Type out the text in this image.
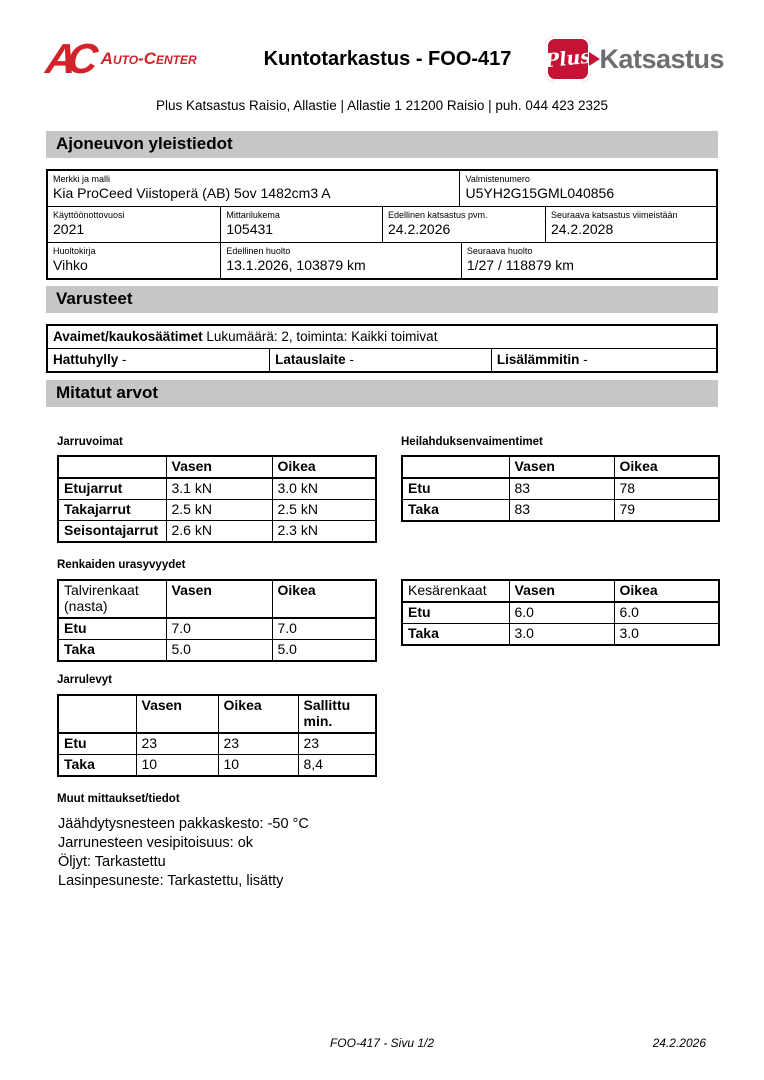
AC Auto-Center	Kuntotarkastus - FOO-417	Plus Katsastus
Plus Katsastus Raisio, Allastie | Allastie 1 21200 Raisio | puh. 044 423 2325
Ajoneuvon yleistiedot
Merkki ja malli
Kia ProCeed Viistoperä (AB) 5ov 1482cm3 A
Valmistenumero
U5YH2G15GML040856
Käyttöönottovuosi
2021
Mittarilukema
105431
Edellinen katsastus pvm.
24.2.2026
Seuraava katsastus viimeistään
24.2.2028
Huoltokirja
Vihko
Edellinen huolto
13.1.2026, 103879 km
Seuraava huolto
1/27 / 118879 km
Varusteet
Avaimet/kaukosäätimet Lukumäärä: 2, toiminta: Kaikki toimivat
Hattuhylly -	Latauslaite -	Lisälämmitin -
Mitatut arvot
Jarruvoimat
	Vasen	Oikea
Etujarrut	3.1 kN	3.0 kN
Takajarrut	2.5 kN	2.5 kN
Seisontajarrut	2.6 kN	2.3 kN
Heilahduksenvaimentimet
	Vasen	Oikea
Etu	83	78
Taka	83	79
Renkaiden urasyvyydet
Talvirenkaat (nasta)	Vasen	Oikea
Etu	7.0	7.0
Taka	5.0	5.0
Kesärenkaat	Vasen	Oikea
Etu	6.0	6.0
Taka	3.0	3.0
Jarrulevyt
	Vasen	Oikea	Sallittu min.
Etu	23	23	23
Taka	10	10	8,4
Muut mittaukset/tiedot
Jäähdytysnesteen pakkaskesto: -50 °C
Jarrunesteen vesipitoisuus: ok
Öljyt: Tarkastettu
Lasinpesuneste: Tarkastettu, lisätty
FOO-417 - Sivu 1/2	24.2.2026
